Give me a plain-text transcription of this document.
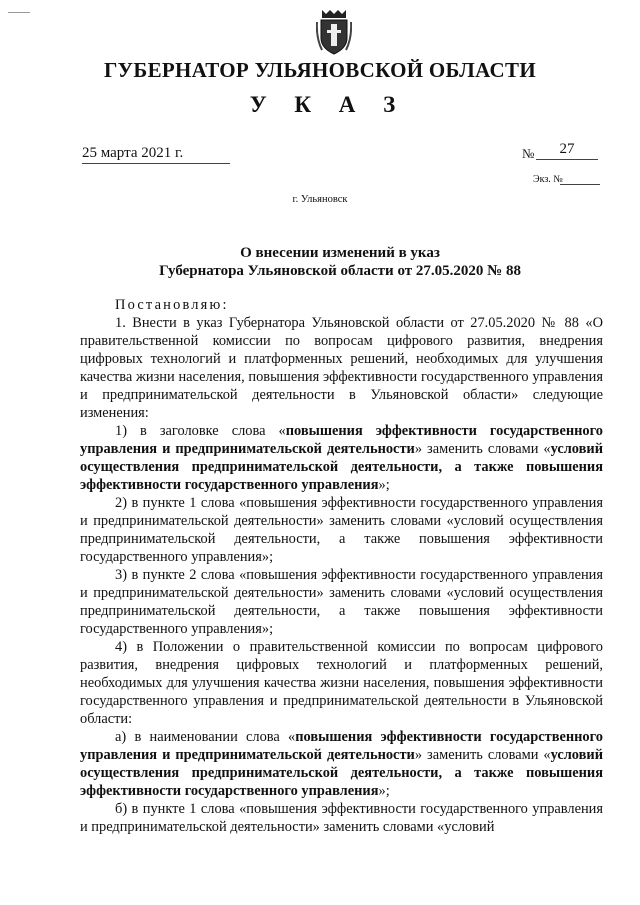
ГУБЕРНАТОР УЛЬЯНОВСКОЙ ОБЛАСТИ
У К А З
25 марта 2021 г.	№	27
Экз. №
г. Ульяновск
О внесении изменений в указ
Губернатора Ульяновской области от 27.05.2020 № 88

Постановляю:

1. Внести в указ Губернатора Ульяновской области от 27.05.2020 № 88 «О правительственной комиссии по вопросам цифрового развития, внедрения цифровых технологий и платформенных решений, необходимых для улучшения качества жизни населения, повышения эффективности государственного управления и предпринимательской деятельности в Ульяновской области» следующие изменения:

1) в заголовке слова «повышения эффективности государственного управления и предпринимательской деятельности» заменить словами «условий осуществления предпринимательской деятельности, а также повышения эффективности государственного управления»;

2) в пункте 1 слова «повышения эффективности государственного управления и предпринимательской деятельности» заменить словами «условий осуществления предпринимательской деятельности, а также повышения эффективности государственного управления»;

3) в пункте 2 слова «повышения эффективности государственного управления и предпринимательской деятельности» заменить словами «условий осуществления предпринимательской деятельности, а также повышения эффективности государственного управления»;

4) в Положении о правительственной комиссии по вопросам цифрового развития, внедрения цифровых технологий и платформенных решений, необходимых для улучшения качества жизни населения, повышения эффективности государственного управления и предпринимательской деятельности в Ульяновской области:

а) в наименовании слова «повышения эффективности государственного управления и предпринимательской деятельности» заменить словами «условий осуществления предпринимательской деятельности, а также повышения эффективности государственного управления»;

б) в пункте 1 слова «повышения эффективности государственного управления и предпринимательской деятельности» заменить словами «условий
